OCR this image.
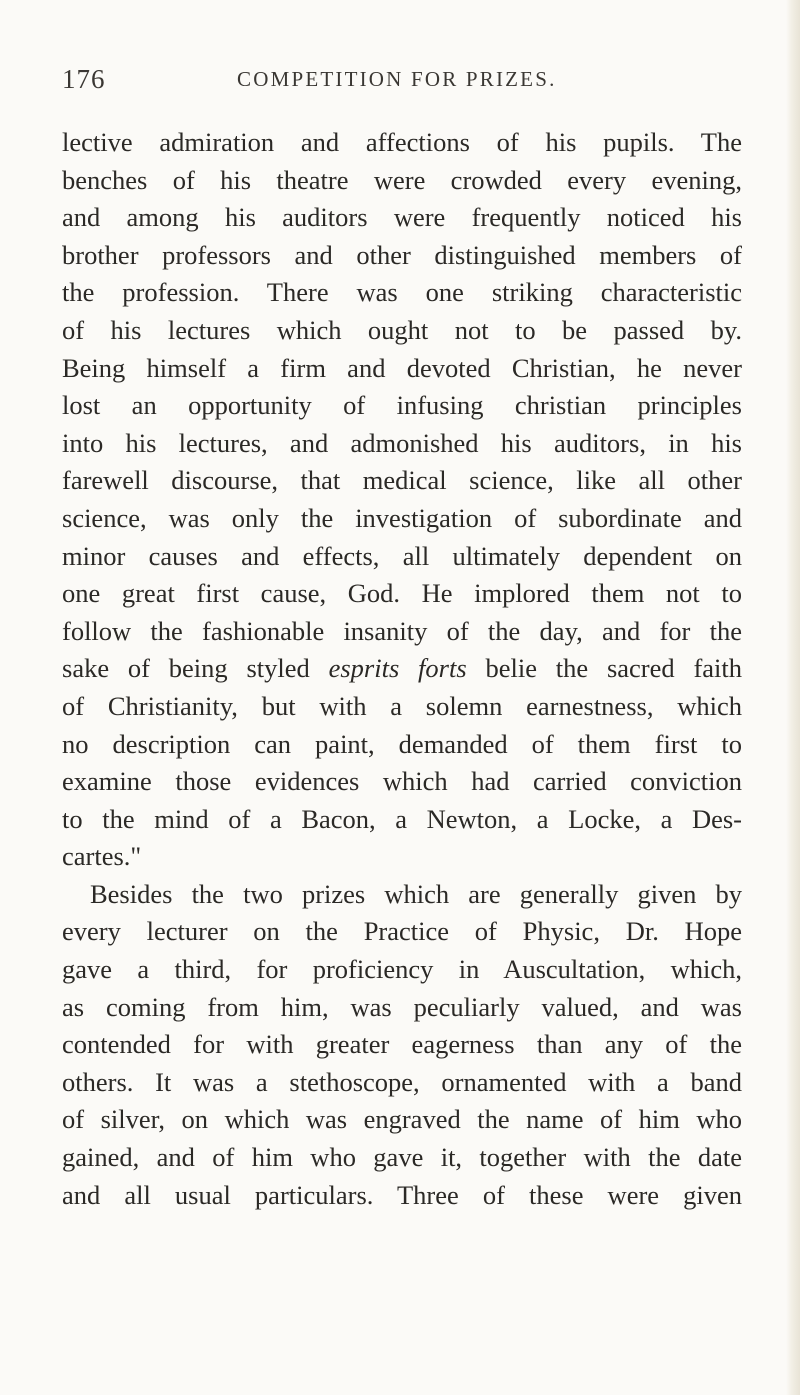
176	COMPETITION FOR PRIZES.
lective admiration and affections of his pupils. The
benches of his theatre were crowded every evening,
and among his auditors were frequently noticed his
brother professors and other distinguished members of
the profession. There was one striking characteristic
of his lectures which ought not to be passed by.
Being himself a firm and devoted Christian, he never
lost an opportunity of infusing christian principles
into his lectures, and admonished his auditors, in his
farewell discourse, that medical science, like all other
science, was only the investigation of subordinate and
minor causes and effects, all ultimately dependent on
one great first cause, God. He implored them not to
follow the fashionable insanity of the day, and for the
sake of being styled esprits forts belie the sacred faith
of Christianity, but with a solemn earnestness, which
no description can paint, demanded of them first to
examine those evidences which had carried conviction
to the mind of a Bacon, a Newton, a Locke, a Des-
cartes."
Besides the two prizes which are generally given by
every lecturer on the Practice of Physic, Dr. Hope
gave a third, for proficiency in Auscultation, which,
as coming from him, was peculiarly valued, and was
contended for with greater eagerness than any of the
others. It was a stethoscope, ornamented with a band
of silver, on which was engraved the name of him who
gained, and of him who gave it, together with the date
and all usual particulars. Three of these were given
